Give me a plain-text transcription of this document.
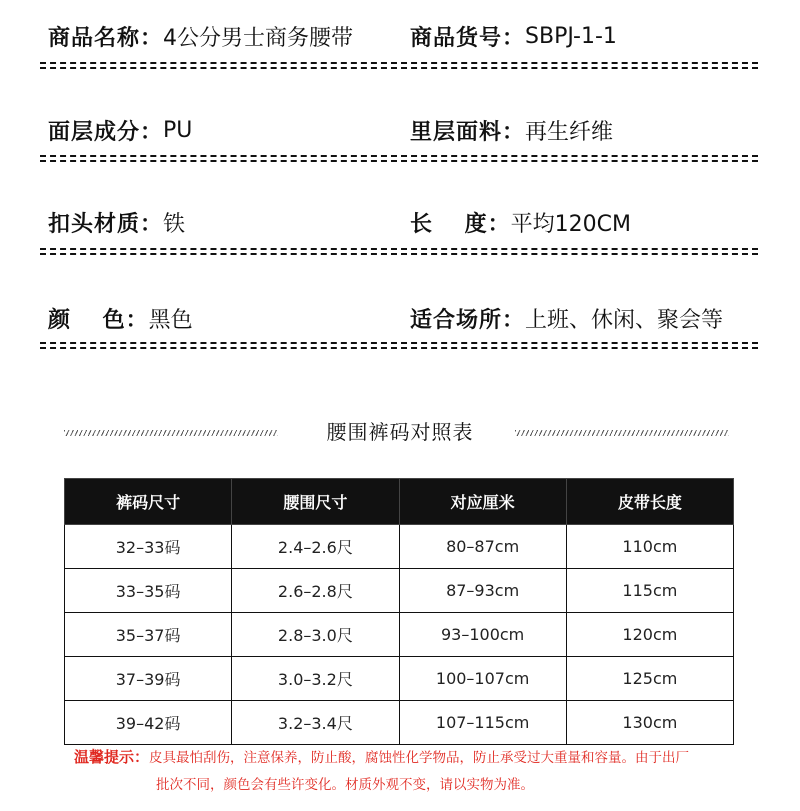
商品名称： 4公分男士商务腰带	商品货号： SBPJ-1-1
面层成分： PU	里层面料： 再生纤维
扣头材质： 铁	长　 度： 平均120CM
颜　 色： 黑色	适合场所： 上班、休闲、聚会等
腰围裤码对照表
裤码尺寸	腰围尺寸	对应厘米	皮带长度
32–33码	2.4–2.6尺	80–87cm	110cm
33–35码	2.6–2.8尺	87–93cm	115cm
35–37码	2.8–3.0尺	93–100cm	120cm
37–39码	3.0–3.2尺	100–107cm	125cm
39–42码	3.2–3.4尺	107–115cm	130cm
温馨提示：皮具最怕刮伤，注意保养，防止酸，腐蚀性化学物品，防止承受过大重量和容量。由于出厂
批次不同，颜色会有些许变化。材质外观不变，请以实物为准。
